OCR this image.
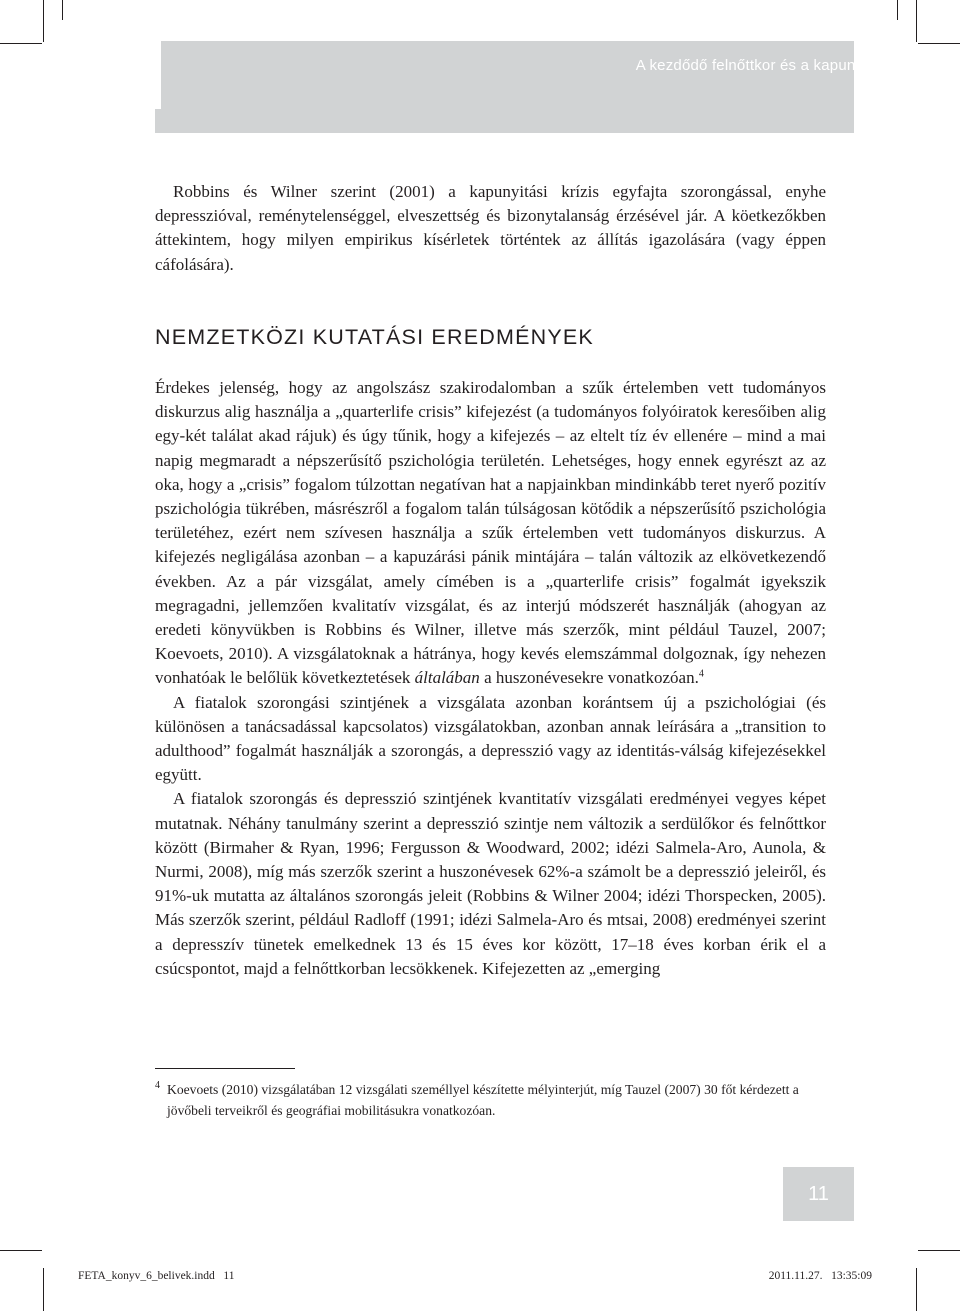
A kezdődő felnőttkor és a kapunyitási pánik

Robbins és Wilner szerint (2001) a kapunyitási krízis egyfajta szorongással, enyhe depresszióval, reménytelenséggel, elveszettség és bizonytalanság érzésével jár. A köetkezőkben áttekintem, hogy milyen empirikus kísérletek történtek az állítás igazolására (vagy éppen cáfolására).

NEMZETKÖZI KUTATÁSI EREDMÉNYEK

Érdekes jelenség, hogy az angolszász szakirodalomban a szűk értelemben vett tudományos diskurzus alig használja a „quarterlife crisis” kifejezést (a tudományos folyóiratok keresőiben alig egy-két találat akad rájuk) és úgy tűnik, hogy a kifejezés – az eltelt tíz év ellenére – mind a mai napig megmaradt a népszerűsítő pszichológia területén. Lehetséges, hogy ennek egyrészt az az oka, hogy a „crisis” fogalom túlzottan negatívan hat a napjainkban mindinkább teret nyerő pozitív pszichológia tükrében, másrészről a fogalom talán túlságosan kötődik a népszerűsítő pszichológia területéhez, ezért nem szívesen használja a szűk értelemben vett tudományos diskurzus. A kifejezés negligálása azonban – a kapuzárási pánik mintájára – talán változik az elkövetkezendő években. Az a pár vizsgálat, amely címében is a „quarterlife crisis” fogalmát igyekszik megragadni, jellemzően kvalitatív vizsgálat, és az interjú módszerét használják (ahogyan az eredeti könyvükben is Robbins és Wilner, illetve más szerzők, mint például Tauzel, 2007; Koevoets, 2010). A vizsgálatoknak a hátránya, hogy kevés elemszámmal dolgoznak, így nehezen vonhatóak le belőlük következtetések általában a huszonévesekre vonatkozóan.$^4$

A fiatalok szorongási szintjének a vizsgálata azonban korántsem új a pszichológiai (és különösen a tanácsadással kapcsolatos) vizsgálatokban, azonban annak leírására a „transition to adulthood” fogalmát használják a szorongás, a depresszió vagy az identitás-válság kifejezésekkel együtt.

A fiatalok szorongás és depresszió szintjének kvantitatív vizsgálati eredményei vegyes képet mutatnak. Néhány tanulmány szerint a depresszió szintje nem változik a serdülőkor és felnőttkor között (Birmaher & Ryan, 1996; Fergusson & Woodward, 2002; idézi Salmela-Aro, Aunola, & Nurmi, 2008), míg más szerzők szerint a huszonévesek 62%-a számolt be a depresszió jeleiről, és 91%-uk mutatta az általános szorongás jeleit (Robbins & Wilner 2004; idézi Thorspecken, 2005). Más szerzők szerint, például Radloff (1991; idézi Salmela-Aro és mtsai, 2008) eredményei szerint a depresszív tünetek emelkednek 13 és 15 éves kor között, 17–18 éves korban érik el a csúcspontot, majd a felnőttkorban lecsökkenek. Kifejezetten az „emerging

4 Koevoets (2010) vizsgálatában 12 vizsgálati személlyel készítette mélyinterjút, míg Tauzel (2007) 30 főt kérdezett a jövőbeli terveikről és geográfiai mobilitásukra vonatkozóan.
11
FETA_konyv_6_belivek.indd   11	2011.11.27.   13:35:09
